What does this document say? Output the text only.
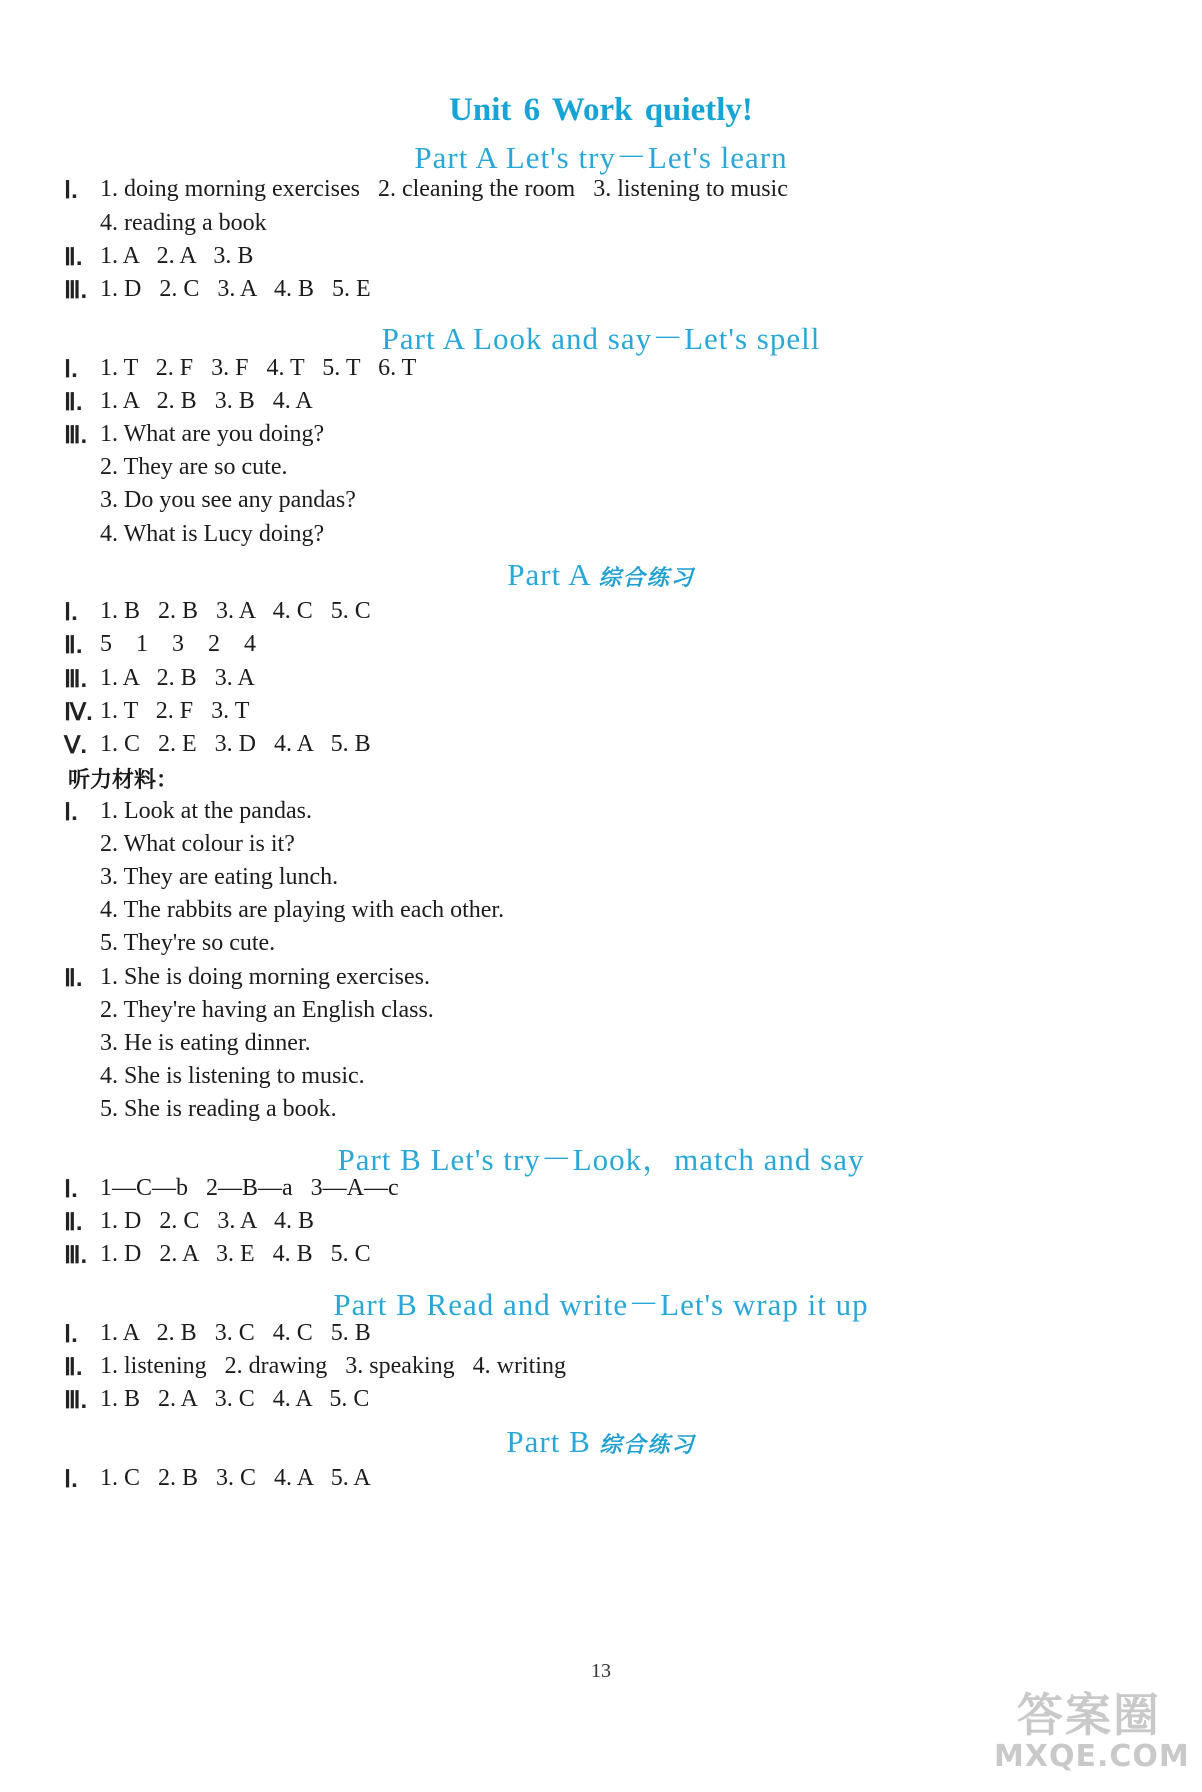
Unit 6 Work quietly!
Part A Let's try－Let's learn
Part A Look and say－Let's spell
Part A 综合练习
Part B Let's try－Look，match and say
Part B Read and write－Let's wrap it up
Part B 综合练习
听力材料：
Ⅰ. 1. doing morning exercises   2. cleaning the room   3. listening to music
4. reading a book
Ⅱ. 1. A   2. A   3. B
Ⅲ. 1. D   2. C   3. A   4. B   5. E
Ⅰ. 1. T   2. F   3. F   4. T   5. T   6. T
Ⅱ. 1. A   2. B   3. B   4. A
Ⅲ. 1. What are you doing?
2. They are so cute.
3. Do you see any pandas?
4. What is Lucy doing?
Ⅰ. 1. B   2. B   3. A   4. C   5. C
Ⅱ. 5    1    3    2    4
Ⅲ. 1. A   2. B   3. A
Ⅳ. 1. T   2. F   3. T
Ⅴ. 1. C   2. E   3. D   4. A   5. B
Ⅰ. 1. Look at the pandas.
2. What colour is it?
3. They are eating lunch.
4. The rabbits are playing with each other.
5. They're so cute.
Ⅱ. 1. She is doing morning exercises.
2. They're having an English class.
3. He is eating dinner.
4. She is listening to music.
5. She is reading a book.
Ⅰ. 1—C—b   2—B—a   3—A—c
Ⅱ. 1. D   2. C   3. A   4. B
Ⅲ. 1. D   2. A   3. E   4. B   5. C
Ⅰ. 1. A   2. B   3. C   4. C   5. B
Ⅱ. 1. listening   2. drawing   3. speaking   4. writing
Ⅲ. 1. B   2. A   3. C   4. A   5. C
Ⅰ. 1. C   2. B   3. C   4. A   5. A
13
答案圈
MXQE.COM
